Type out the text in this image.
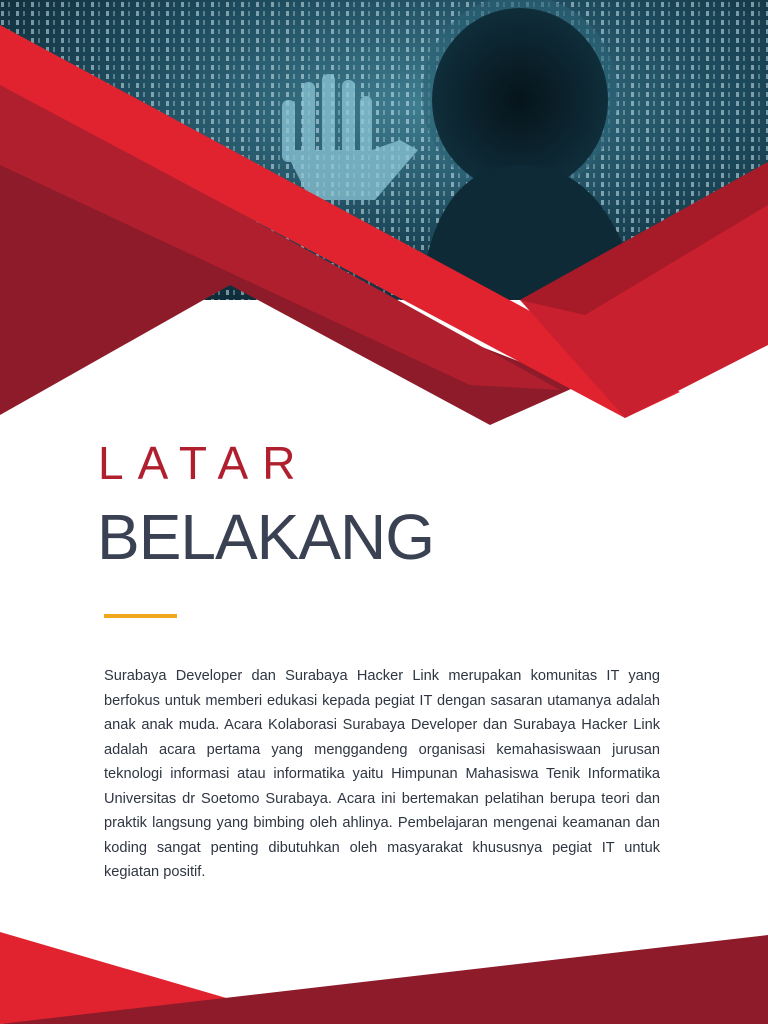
LATAR
BELAKANG

Surabaya Developer dan Surabaya Hacker Link merupakan komunitas IT yang berfokus untuk memberi edukasi kepada pegiat IT dengan sasaran utamanya adalah anak anak muda. Acara Kolaborasi Surabaya Developer dan Surabaya Hacker Link adalah acara pertama yang menggandeng organisasi kemahasiswaan jurusan teknologi informasi atau informatika yaitu Himpunan Mahasiswa Tenik Informatika Universitas dr Soetomo Surabaya. Acara ini bertemakan pelatihan berupa teori dan praktik langsung yang bimbing oleh ahlinya. Pembelajaran mengenai keamanan dan koding sangat penting dibutuhkan oleh masyarakat khususnya pegiat IT untuk kegiatan positif.
